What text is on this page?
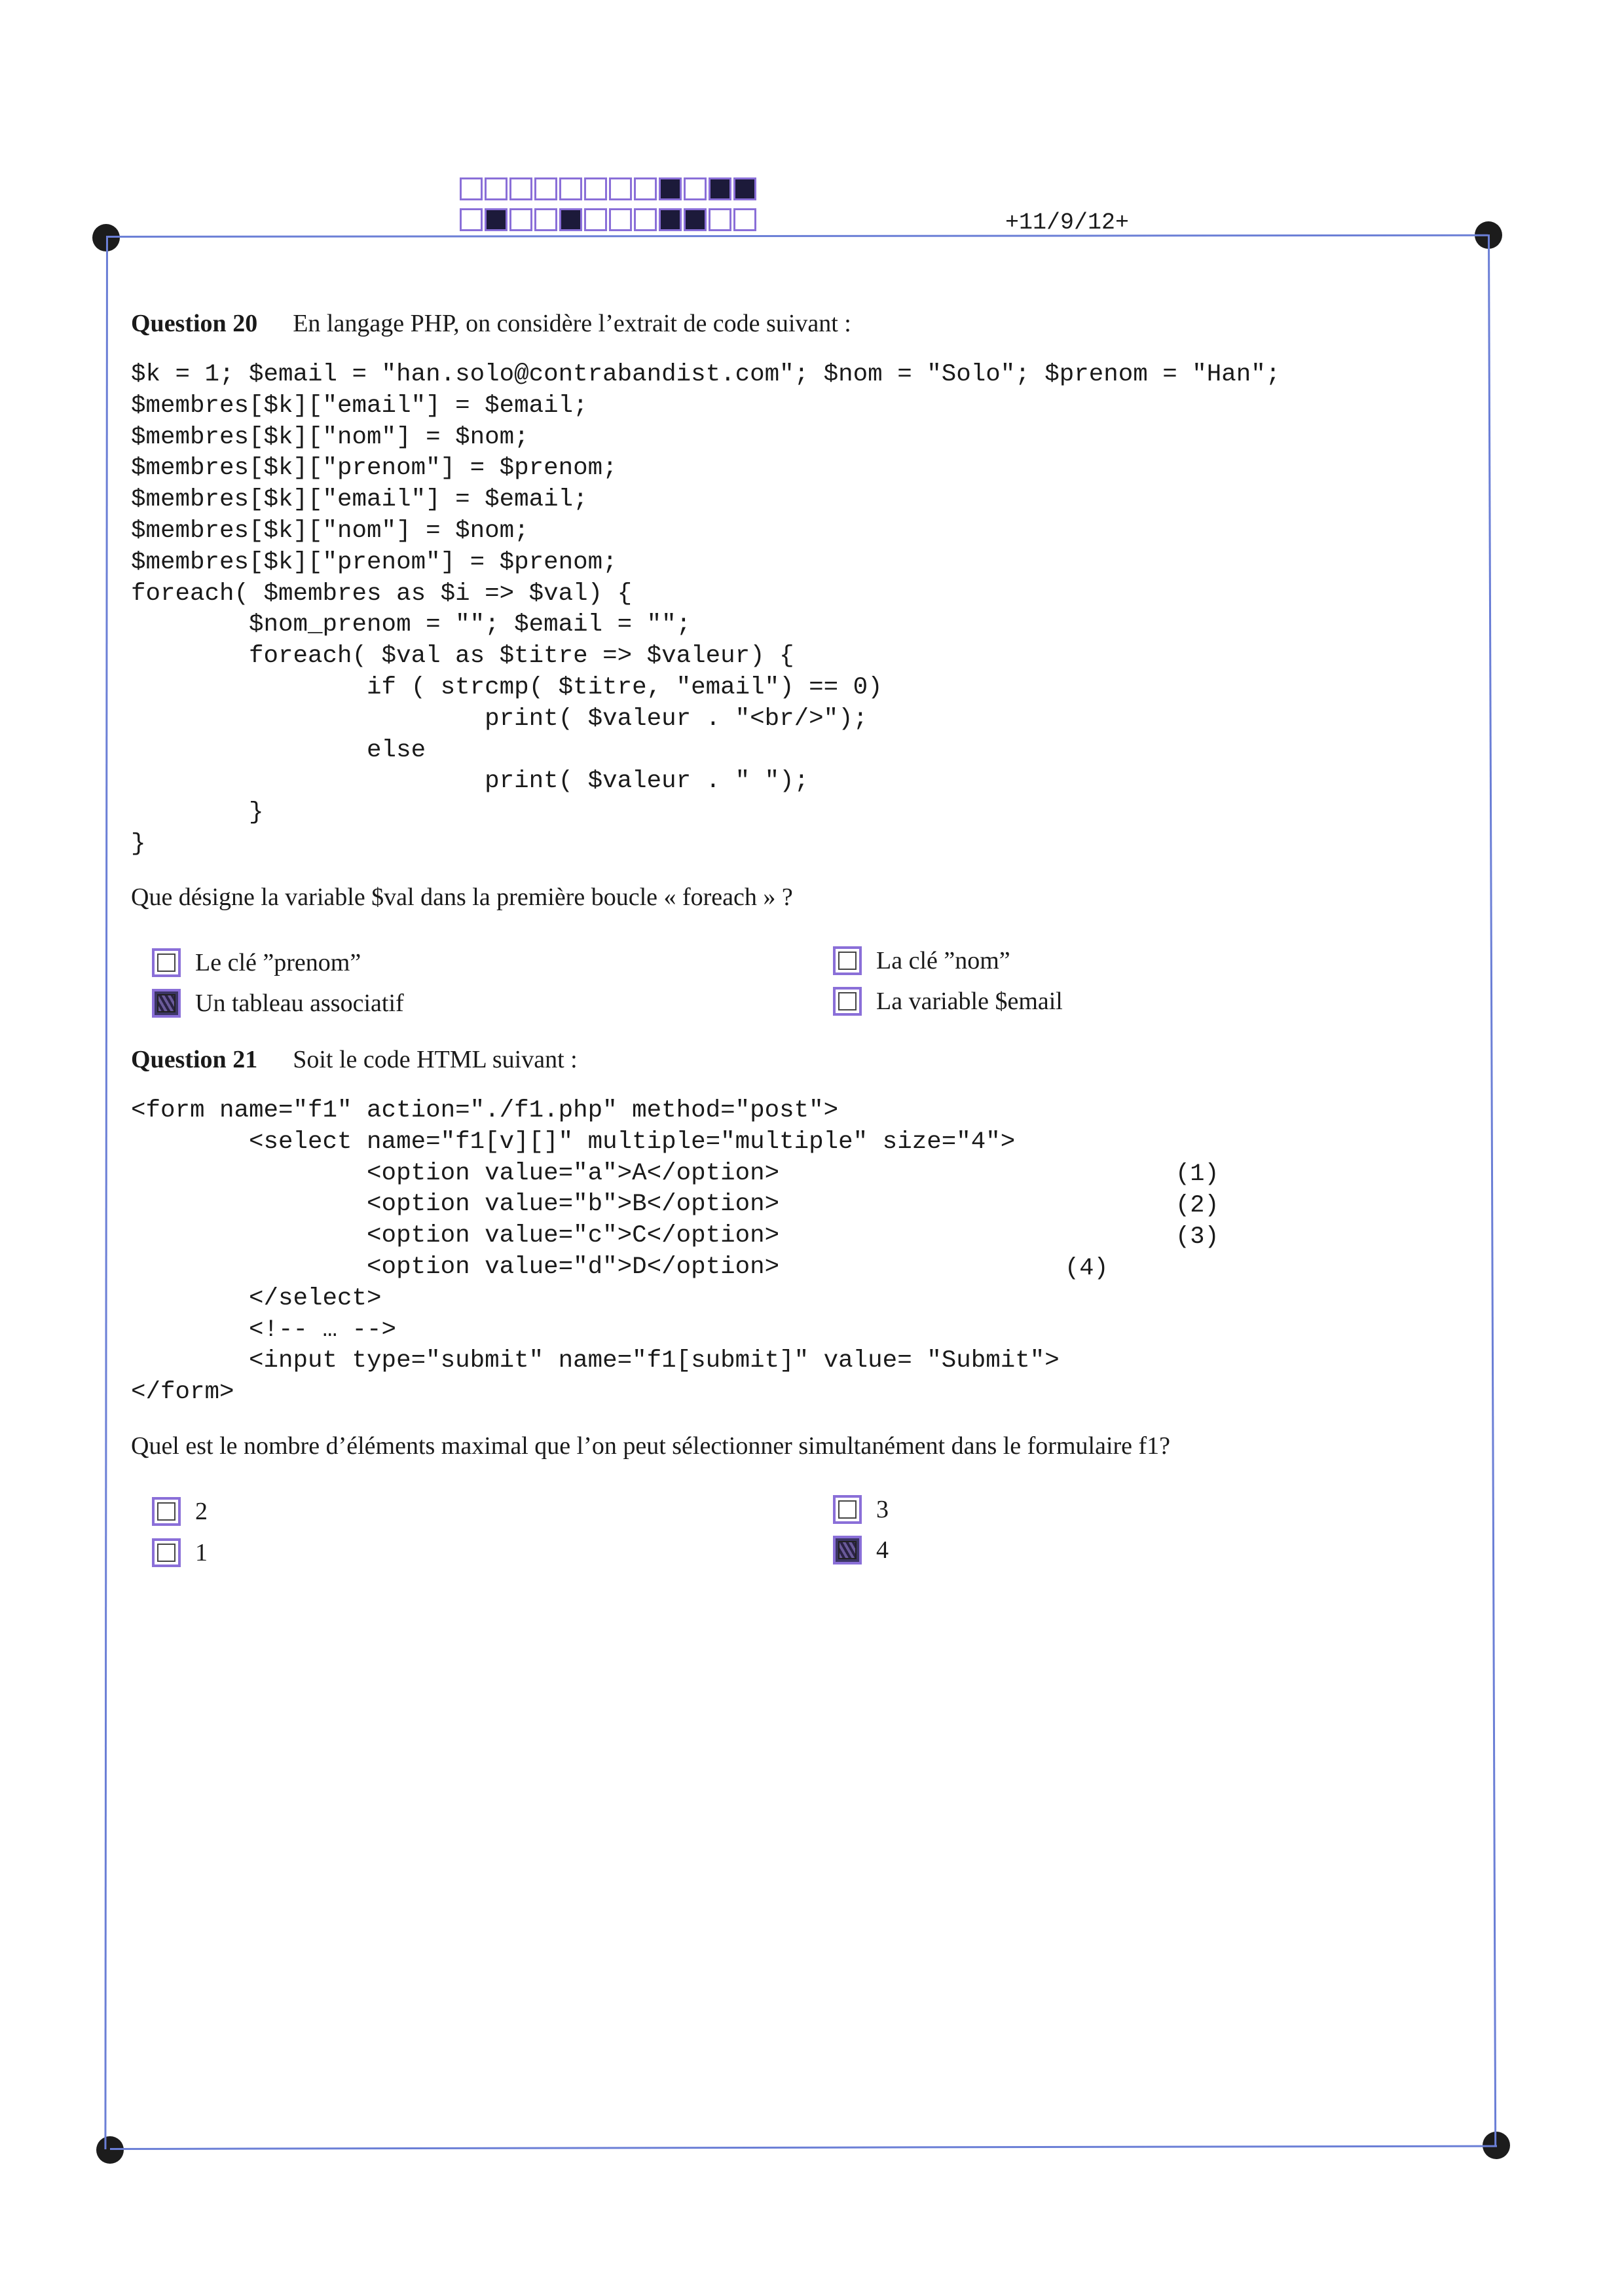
+11/9/12+
Question 20 En langage PHP, on considère l’extrait de code suivant :
$k = 1; $email = "han.solo@contrabandist.com"; $nom = "Solo"; $prenom = "Han";
$membres[$k]["email"] = $email;
$membres[$k]["nom"] = $nom;
$membres[$k]["prenom"] = $prenom;
$membres[$k]["email"] = $email;
$membres[$k]["nom"] = $nom;
$membres[$k]["prenom"] = $prenom;
foreach( $membres as $i => $val) {
$nom_prenom = ""; $email = "";
foreach( $val as $titre => $valeur) {
if ( strcmp( $titre, "email") == 0)
print( $valeur . "<br/>");
else
print( $valeur . " ");
}
}
Que désigne la variable $val dans la première boucle « foreach » ?
Le clé ”prenom”
Un tableau associatif
La clé ”nom”
La variable $email
Question 21 Soit le code HTML suivant :
<form name="f1" action="./f1.php" method="post">
<select name="f1[v][]" multiple="multiple" size="4">
<option value="a">A</option>
<option value="b">B</option>
<option value="c">C</option>
<option value="d">D</option>
</select>
<!-- … -->
<input type="submit" name="f1[submit]" value= "Submit">
</form>
(1)
(2)
(3)
(4)
Quel est le nombre d’éléments maximal que l’on peut sélectionner simultanément dans le formulaire f1?
2
1
3
4
